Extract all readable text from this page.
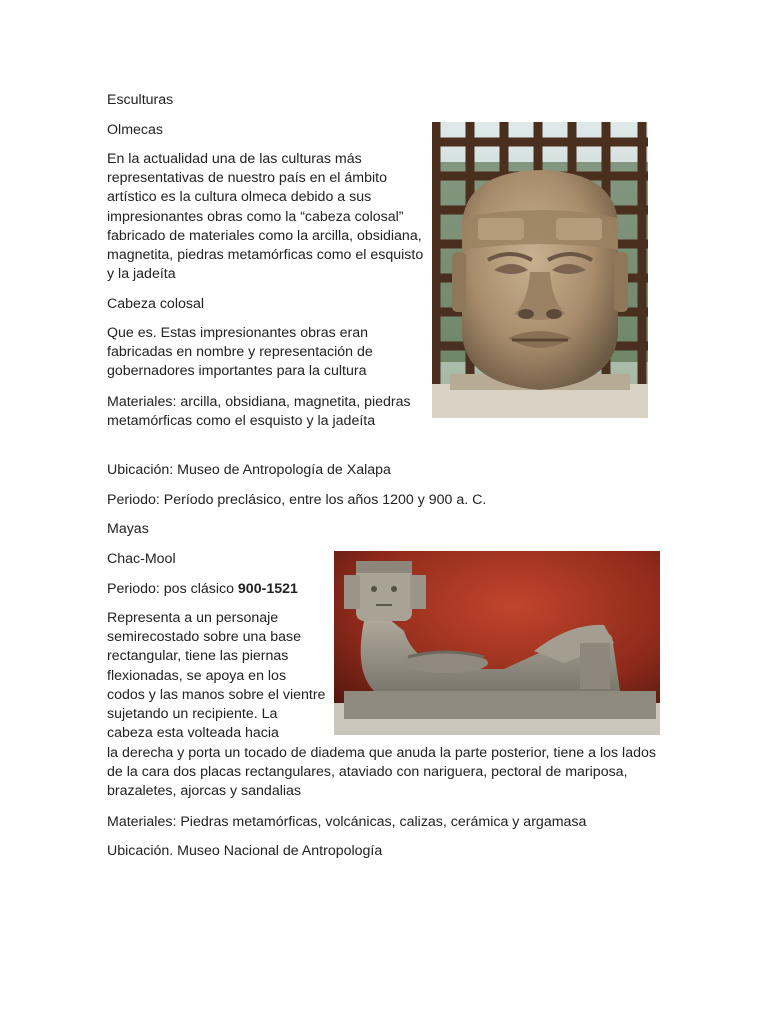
Esculturas

Olmecas

En la actualidad una de las culturas más representativas de nuestro país en el ámbito artístico es la cultura olmeca debido a sus impresionantes obras como la “cabeza colosal” fabricado de materiales como la arcilla, obsidiana, magnetita, piedras metamórficas como el esquisto y la jadeíta

Cabeza colosal

Que es. Estas impresionantes obras eran fabricadas en nombre y representación de gobernadores importantes para la cultura

Materiales: arcilla, obsidiana, magnetita, piedras metamórficas como el esquisto y la jadeíta

Ubicación: Museo de Antropología de Xalapa

Periodo: Período preclásico, entre los años 1200 y 900 a. C.

Mayas

Chac-Mool

Periodo: pos clásico 900-1521

Representa a un personaje semirecostado sobre una base rectangular, tiene las piernas flexionadas, se apoya en los codos y las manos sobre el vientre sujetando un recipiente. La cabeza esta volteada hacia

la derecha y porta un tocado de diadema que anuda la parte posterior, tiene a los lados de la cara dos placas rectangulares, ataviado con nariguera, pectoral de mariposa, brazaletes, ajorcas y sandalias

Materiales: Piedras metamórficas, volcánicas, calizas, cerámica y argamasa

Ubicación. Museo Nacional de Antropología
